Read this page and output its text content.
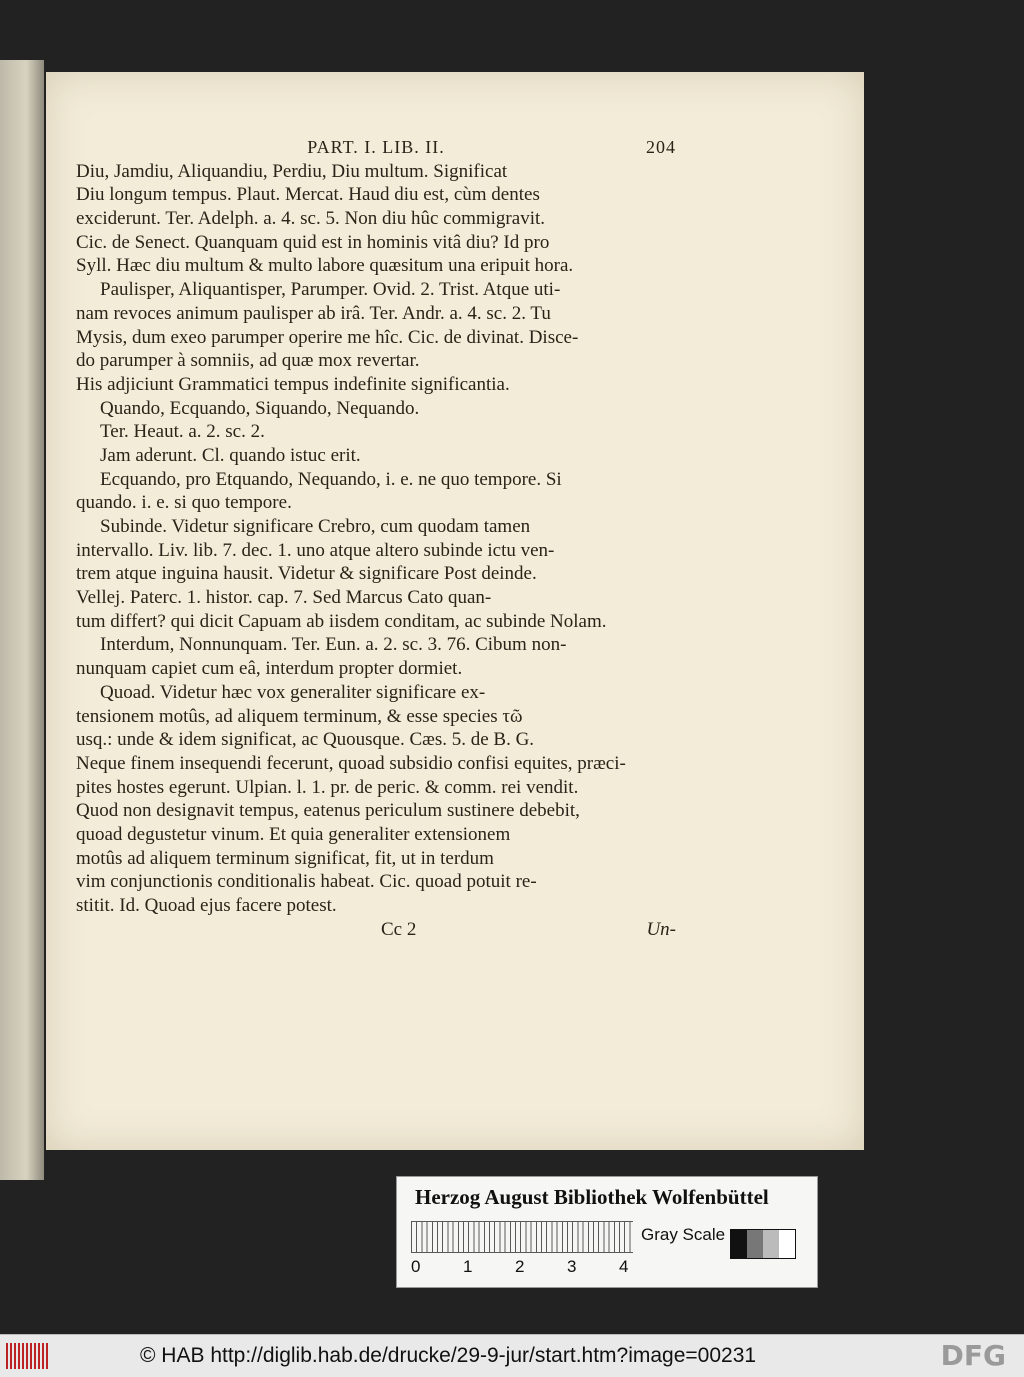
PART. I. LIB. II.	204
Diu, Jamdiu, Aliquandiu, Perdiu, Diu multum. Significat
Diu longum tempus. Plaut. Mercat. Haud diu est, cùm dentes
exciderunt. Ter. Adelph. a. 4. sc. 5. Non diu hûc commigravit.
Cic. de Senect. Quanquam quid est in hominis vitâ diu? Id pro
Syll. Hæc diu multum & multo labore quæsitum una eripuit hora.
Paulisper, Aliquantisper, Parumper. Ovid. 2. Trist. Atque uti-
nam revoces animum paulisper ab irâ. Ter. Andr. a. 4. sc. 2. Tu
Mysis, dum exeo parumper operire me hîc. Cic. de divinat. Disce-
do parumper à somniis, ad quæ mox revertar.
His adjiciunt Grammatici tempus indefinite significantia.
Quando, Ecquando, Siquando, Nequando.
Ter. Heaut. a. 2. sc. 2.
Jam aderunt. Cl. quando istuc erit.
Ecquando, pro Etquando, Nequando, i. e. ne quo tempore. Si
quando. i. e. si quo tempore.
Subinde. Videtur significare Crebro, cum quodam tamen
intervallo. Liv. lib. 7. dec. 1. uno atque altero subinde ictu ven-
trem atque inguina hausit. Videtur & significare Post deinde.
Vellej. Paterc. 1. histor. cap. 7. Sed Marcus Cato quan-
tum differt? qui dicit Capuam ab iisdem conditam, ac subinde Nolam.
Interdum, Nonnunquam. Ter. Eun. a. 2. sc. 3. 76. Cibum non-
nunquam capiet cum eâ, interdum propter dormiet.
Quoad. Videtur hæc vox generaliter significare ex-
tensionem motûs, ad aliquem terminum, & esse species τῶ
usq.: unde & idem significat, ac Quousque. Cæs. 5. de B. G.
Neque finem insequendi fecerunt, quoad subsidio confisi equites, præci-
pites hostes egerunt. Ulpian. l. 1. pr. de peric. & comm. rei vendit.
Quod non designavit tempus, eatenus periculum sustinere debebit,
quoad degustetur vinum. Et quia generaliter extensionem
motûs ad aliquem terminum significat, fit, ut in terdum
vim conjunctionis conditionalis habeat. Cic. quoad potuit re-
stitit. Id. Quoad ejus facere potest.
Cc 2	Un-
Herzog August Bibliothek Wolfenbüttel
0	1	2	3	4
Gray Scale
© HAB http://diglib.hab.de/drucke/29-9-jur/start.htm?image=00231	DFG
